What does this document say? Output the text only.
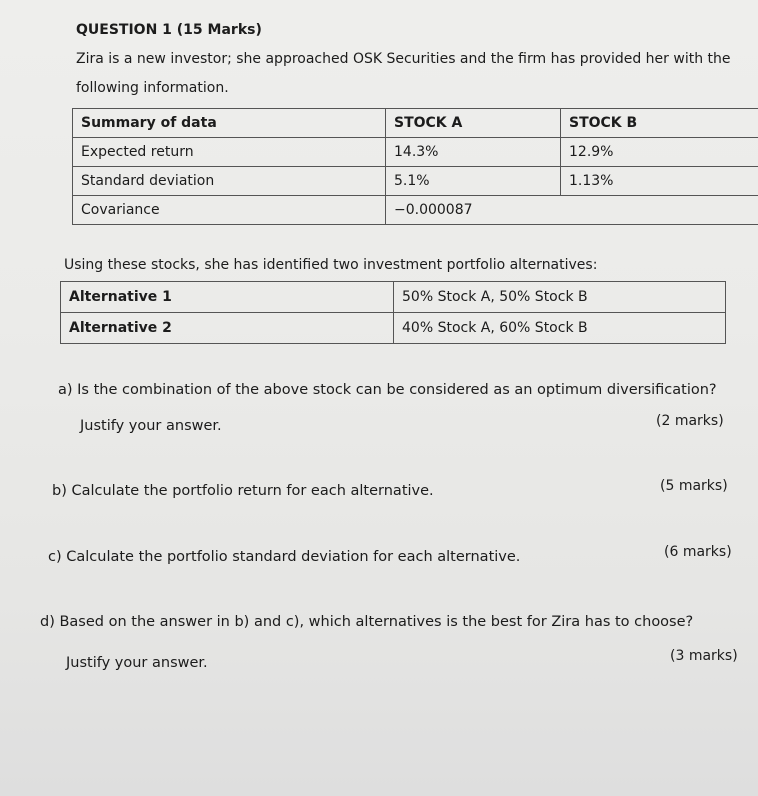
QUESTION 1 (15 Marks)
Zira is a new investor; she approached OSK Securities and the firm has provided her with the
following information.
Summary of data	STOCK A	STOCK B
Expected return	14.3%	12.9%
Standard deviation	5.1%	1.13%
Covariance	−0.000087	
Using these stocks, she has identified two investment portfolio alternatives:
Alternative 1	50% Stock A, 50% Stock B
Alternative 2	40% Stock A, 60% Stock B
a) Is the combination of the above stock can be considered as an optimum diversification?
Justify your answer.	(2 marks)
b) Calculate the portfolio return for each alternative.	(5 marks)
c) Calculate the portfolio standard deviation for each alternative.	(6 marks)
d) Based on the answer in b) and c), which alternatives is the best for Zira has to choose?
Justify your answer.	(3 marks)
